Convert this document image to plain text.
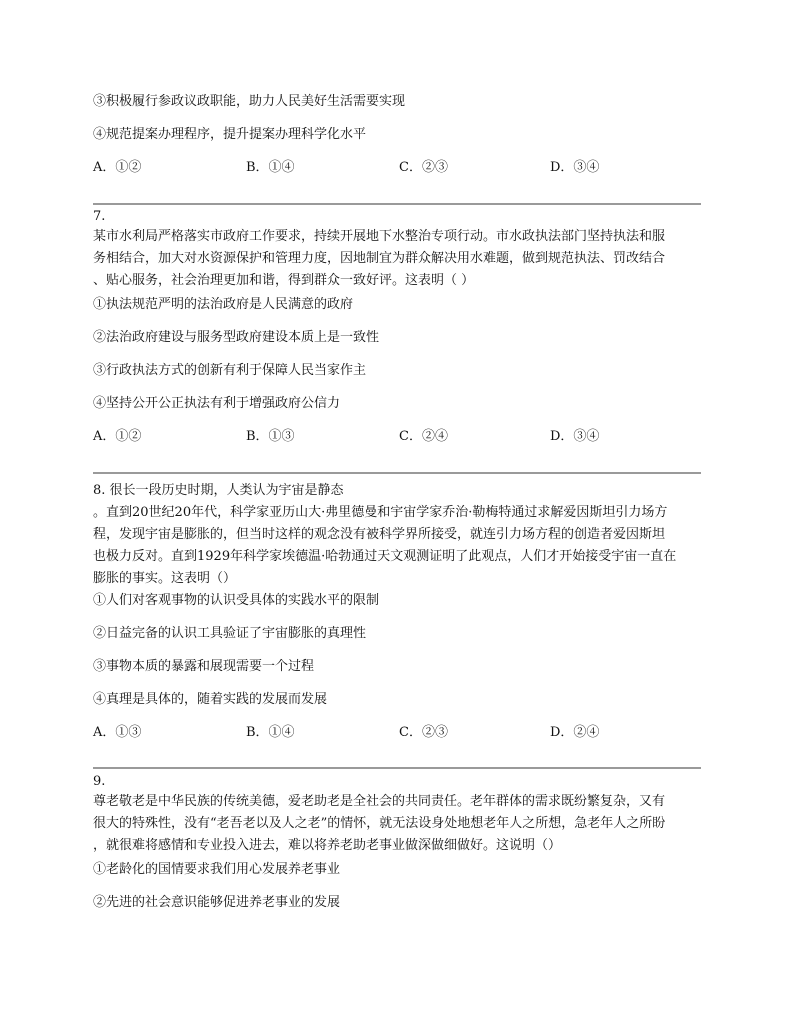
③积极履行参政议政职能，助力人民美好生活需要实现
④规范提案办理程序，提升提案办理科学化水平
A．①②	B．①④	C．②③	D．③④
7.
某市水利局严格落实市政府工作要求，持续开展地下水整治专项行动。市水政执法部门坚持执法和服
务相结合，加大对水资源保护和管理力度，因地制宜为群众解决用水难题，做到规范执法、罚改结合
、贴心服务，社会治理更加和谐，得到群众一致好评。这表明（ ）
①执法规范严明的法治政府是人民满意的政府
②法治政府建设与服务型政府建设本质上是一致性
③行政执法方式的创新有利于保障人民当家作主
④坚持公开公正执法有利于增强政府公信力
A．①②	B．①③	C．②④	D．③④
8. 很长一段历史时期，人类认为宇宙是静态
。直到20世纪20年代，科学家亚历山大·弗里德曼和宇宙学家乔治·勒梅特通过求解爱因斯坦引力场方
程，发现宇宙是膨胀的，但当时这样的观念没有被科学界所接受，就连引力场方程的创造者爱因斯坦
也极力反对。直到1929年科学家埃德温·哈勃通过天文观测证明了此观点，人们才开始接受宇宙一直在
膨胀的事实。这表明（）
①人们对客观事物的认识受具体的实践水平的限制
②日益完备的认识工具验证了宇宙膨胀的真理性
③事物本质的暴露和展现需要一个过程
④真理是具体的，随着实践的发展而发展
A．①③	B．①④	C．②③	D．②④
9.
尊老敬老是中华民族的传统美德，爱老助老是全社会的共同责任。老年群体的需求既纷繁复杂，又有
很大的特殊性，没有“老吾老以及人之老”的情怀，就无法设身处地想老年人之所想，急老年人之所盼
，就很难将感情和专业投入进去，难以将养老助老事业做深做细做好。这说明（）
①老龄化的国情要求我们用心发展养老事业
②先进的社会意识能够促进养老事业的发展
